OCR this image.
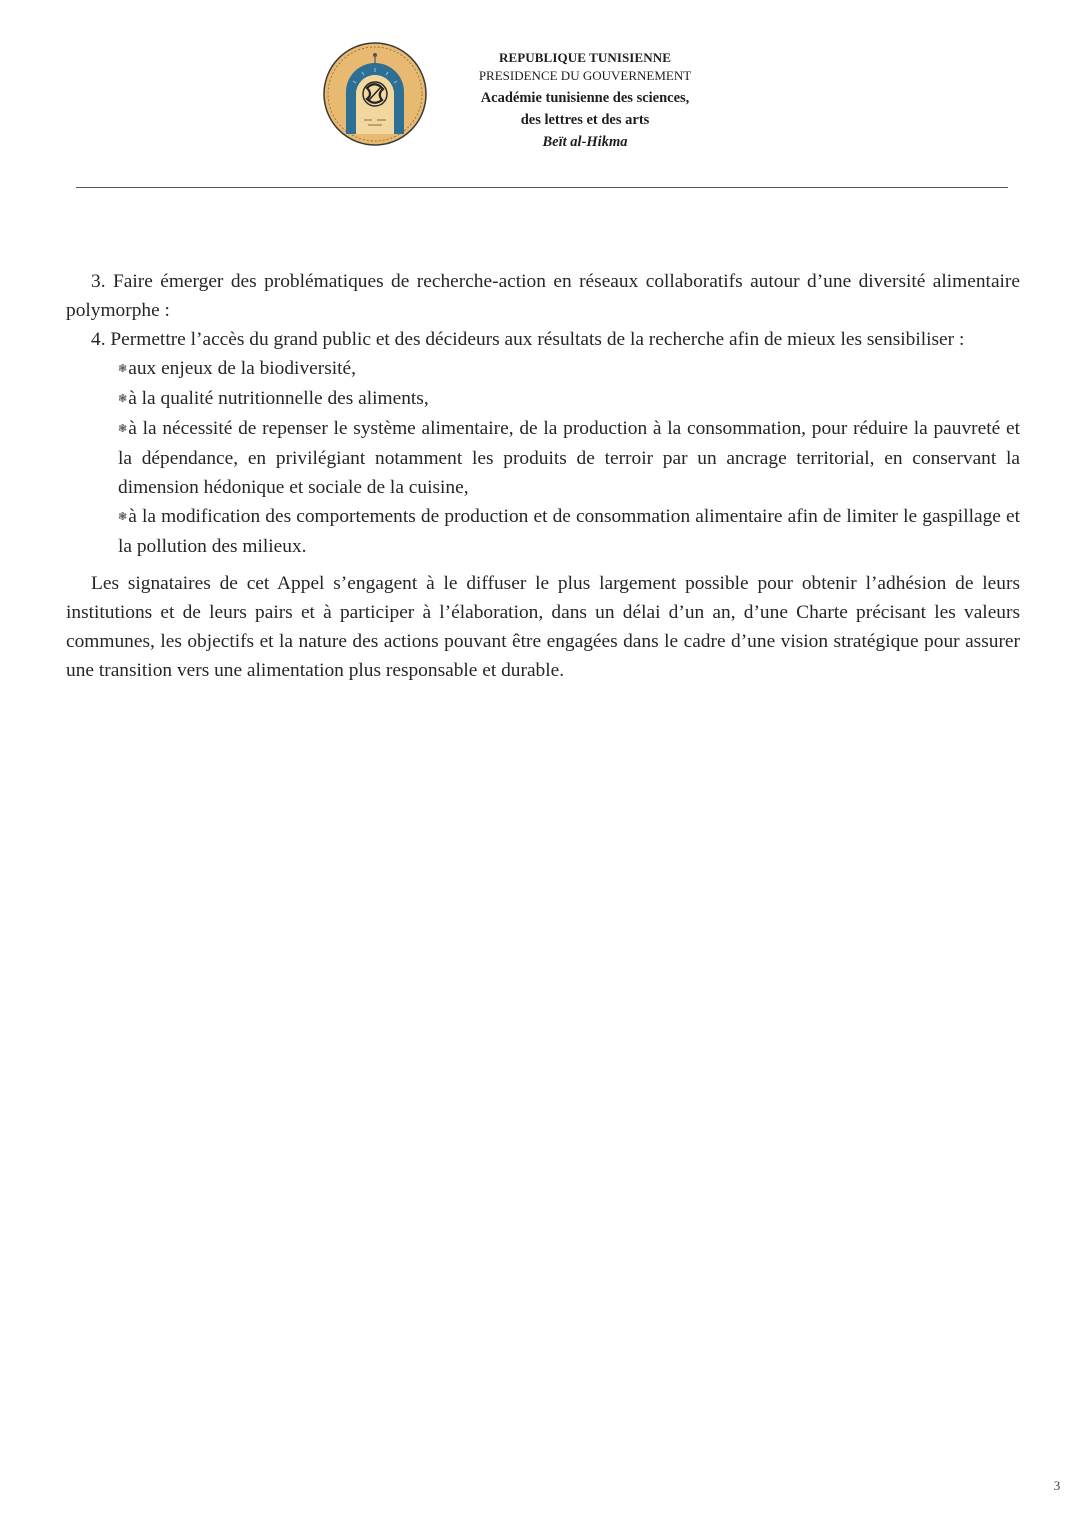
REPUBLIQUE TUNISIENNE
PRESIDENCE DU GOUVERNEMENT
Académie tunisienne des sciences,
des lettres et des arts
Beït al-Hikma

3. Faire émerger des problématiques de recherche-action en réseaux collaboratifs autour d’une diversité alimentaire polymorphe :

4. Permettre l’accès du grand public et des décideurs aux résultats de la recherche afin de mieux les sensibiliser :

❃aux enjeux de la biodiversité,
❃à la qualité nutritionnelle des aliments,
❃à la nécessité de repenser le système alimentaire, de la production à la consommation, pour réduire la pauvreté et la dépendance, en privilégiant notamment les produits de terroir par un ancrage territorial, en conservant la dimension hédonique et sociale de la cuisine,
❃à la modification des comportements de production et de consommation alimentaire afin de limiter le gaspillage et la pollution des milieux.

Les signataires de cet Appel s’engagent à le diffuser le plus largement possible pour obtenir l’adhésion de leurs institutions et de leurs pairs et à participer à l’élaboration, dans un délai d’un an, d’une Charte précisant les valeurs communes, les objectifs et la nature des actions pouvant être engagées dans le cadre d’une vision stratégique pour assurer une transition vers une alimentation plus responsable et durable.

3
